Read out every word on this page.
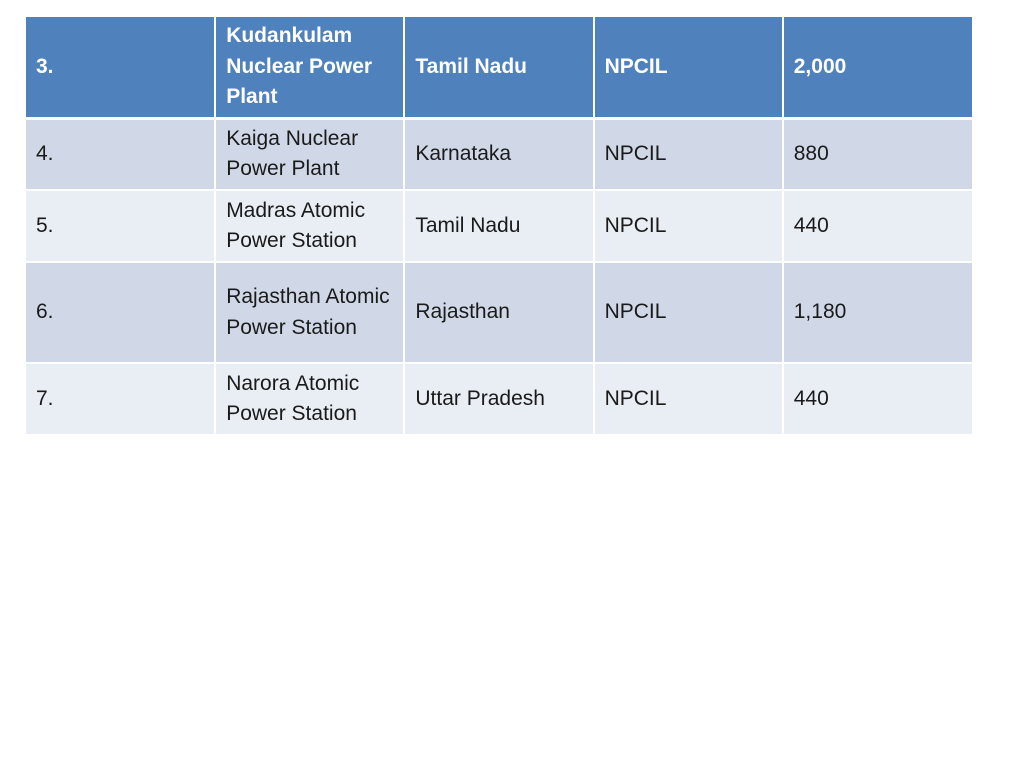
3.	Kudankulam Nuclear Power Plant	Tamil Nadu	NPCIL	2,000
4.	Kaiga Nuclear Power Plant	Karnataka	NPCIL	880
5.	Madras Atomic Power Station	Tamil Nadu	NPCIL	440
6.	Rajasthan Atomic Power Station	Rajasthan	NPCIL	1,180
7.	Narora Atomic Power Station	Uttar Pradesh	NPCIL	440
